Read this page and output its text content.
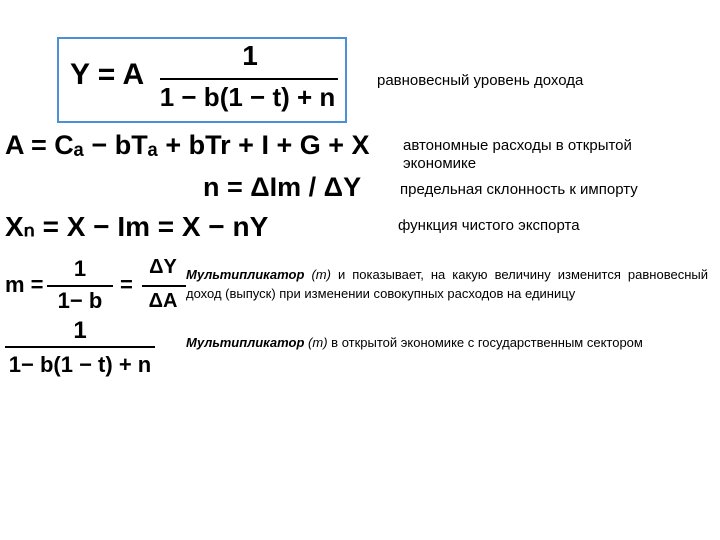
Y = A
1
1 − b(1 − t) + n
равновесный уровень дохода
A = Cₐ − bTₐ + bTr + I + G + X автономные расходы в открытой экономике
n = ΔIm / ΔY	предельная склонность к импорту
Xₙ = X − Im = X − nY	функция чистого экспорта
m =
1
1− b
=
ΔY
ΔA
Мультипликатор (m) и показывает, на какую величину изменится равновесный доход (выпуск) при изменении совокупных расходов на единицу
1
1− b(1 − t) + n
Мультипликатор (m) в открытой экономике с государственным сектором
